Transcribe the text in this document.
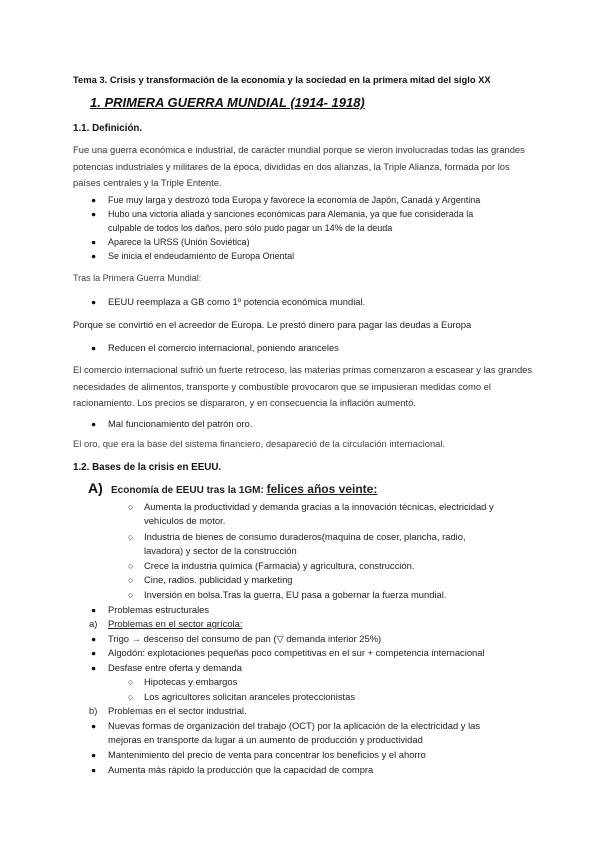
Tema 3. Crisis y transformación de la economía y la sociedad en la primera mitad del siglo XX
1. PRIMERA GUERRA MUNDIAL (1914- 1918)
1.1. Definición.
Fue una guerra económica e industrial, de carácter mundial porque se vieron involucradas todas las grandes potencias industriales y militares de la época, divididas en dos alianzas, la Triple Alianza, formada por los países centrales y la Triple Entente.
● Fue muy larga y destrozó toda Europa y favorece la economía de Japón, Canadá y Argentina
● Hubo una victoria aliada y sanciones económicas para Alemania, ya que fue considerada la
culpable de todos los daños, pero sólo pudo pagar un 14% de la deuda
● Aparece la URSS (Unión Soviética)
● Se inicia el endeudamiento de Europa Oriental
Tras la Primera Guerra Mundial:
● EEUU reemplaza a GB como 1º potencia económica mundial.
Porque se convirtió en el acreedor de Europa. Le prestó dinero para pagar las deudas a Europa
● Reducen el comercio internacional, poniendo aranceles
El comercio internacional sufrió un fuerte retroceso, las materias primas comenzaron a escasear y las grandes necesidades de alimentos, transporte y combustible provocaron que se impusieran medidas como el racionamiento. Los precios se dispararon, y en consecuencia la inflación aumentó.
● Mal funcionamiento del patrón oro.
El oro, que era la base del sistema financiero, desapareció de la circulación internacional.
1.2. Bases de la crisis en EEUU.
A) Economía de EEUU tras la 1GM: felices años veinte:
○ Aumenta la productividad y demanda gracias a la innovación técnicas, electricidad y
vehículos de motor.
○ Industria de bienes de consumo duraderos(maquina de coser, plancha, radio,
lavadora) y sector de la construcción
○ Crece la industria química (Farmacia) y agricultura, construcción.
○ Cine, radios. publicidad y marketing
○ Inversión en bolsa.Tras la guerra, EU pasa a gobernar la fuerza mundial.
● Problemas estructurales
a) Problemas en el sector agrícola:
● Trigo → descenso del consumo de pan (▽ demanda interior 25%)
● Algodón: explotaciones pequeñas poco competitivas en el sur + competencia internacional
● Desfase entre oferta y demanda
○ Hipotecas y embargos
○ Los agricultores solicitan aranceles proteccionistas
b) Problemas en el sector industrial.
● Nuevas formas de organización del trabajo (OCT) por la aplicación de la electricidad y las
mejoras en transporte da lugar a un aumento de producción y productividad
● Mantenimiento del precio de venta para concentrar los beneficios y el ahorro
● Aumenta más rápido la producción que la capacidad de compra
